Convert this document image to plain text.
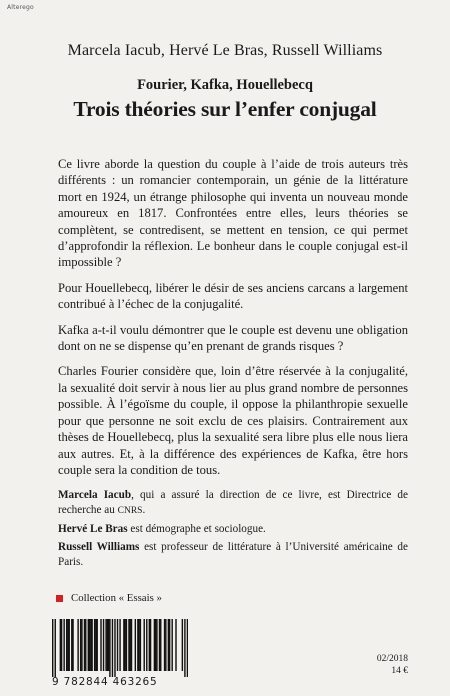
Alterego
Marcela Iacub, Hervé Le Bras, Russell Williams
Fourier, Kafka, Houellebecq
Trois théories sur l’enfer conjugal

Ce livre aborde la question du couple à l’aide de trois auteurs très différents : un romancier contemporain, un génie de la littérature mort en 1924, un étrange philosophe qui inventa un nouveau monde amoureux en 1817. Confrontées entre elles, leurs théories se complètent, se contredisent, se mettent en tension, ce qui permet d’approfondir la réflexion. Le bonheur dans le couple conjugal est-il impossible ?

Pour Houellebecq, libérer le désir de ses anciens carcans a largement contribué à l’échec de la conjugalité.

Kafka a-t-il voulu démontrer que le couple est devenu une obligation dont on ne se dispense qu’en prenant de grands risques ?

Charles Fourier considère que, loin d’être réservée à la conjugalité, la sexualité doit servir à nous lier au plus grand nombre de personnes possible. À l’égoïsme du couple, il oppose la philanthropie sexuelle pour que personne ne soit exclu de ces plaisirs. Contrairement aux thèses de Houellebecq, plus la sexualité sera libre plus elle nous liera aux autres. Et, à la différence des expériences de Kafka, être hors couple sera la condition de tous.

Marcela Iacub, qui a assuré la direction de ce livre, est Directrice de recherche au CNRS.

Hervé Le Bras est démographe et sociologue.

Russell Williams est professeur de littérature à l’Université américaine de Paris.

Collection « Essais »
9 782844 463265
02/2018
14 €
